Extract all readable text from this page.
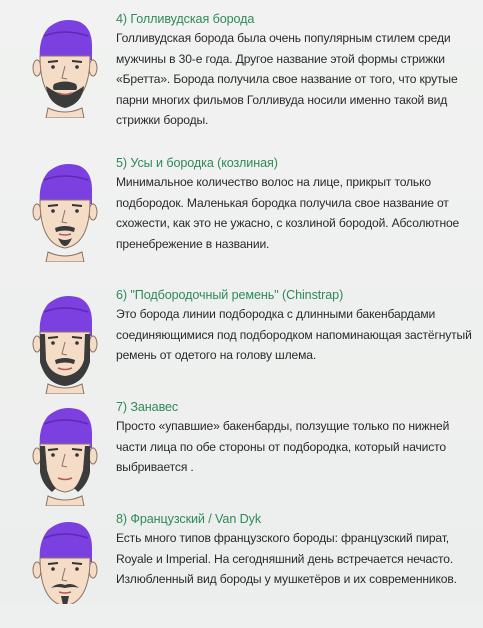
4) Голливудская борода
Голливудская борода была очень популярным стилем среди
мужчины в 30-е года. Другое название этой формы стрижки
«Бретта». Борода получила свое название от того, что крутые
парни многих фильмов Голливуда носили именно такой вид
стрижки бороды.
5) Усы и бородка (козлиная)
Минимальное количество волос на лице, прикрыт только
подбородок. Маленькая бородка получила свое название от
схожести, как это не ужасно, с козлиной бородой. Абсолютное
пренебрежение в названии.
6) "Подбородочный ремень" (Chinstrap)
Это борода линии подбородка с длинными бакенбардами
соединяющимися под подбородком напоминающая застёгнутый
ремень от одетого на голову шлема.
7) Занавес
Просто «упавшие» бакенбарды, ползущие только по нижней
части лица по обе стороны от подбородка, который начисто
выбривается .
8) Французский / Van Dyk
Есть много типов французского бороды: французский пират,
Royale и Imperial. На сегодняшний день встречается нечасто.
Излюбленный вид бороды у мушкетёров и их современников.
